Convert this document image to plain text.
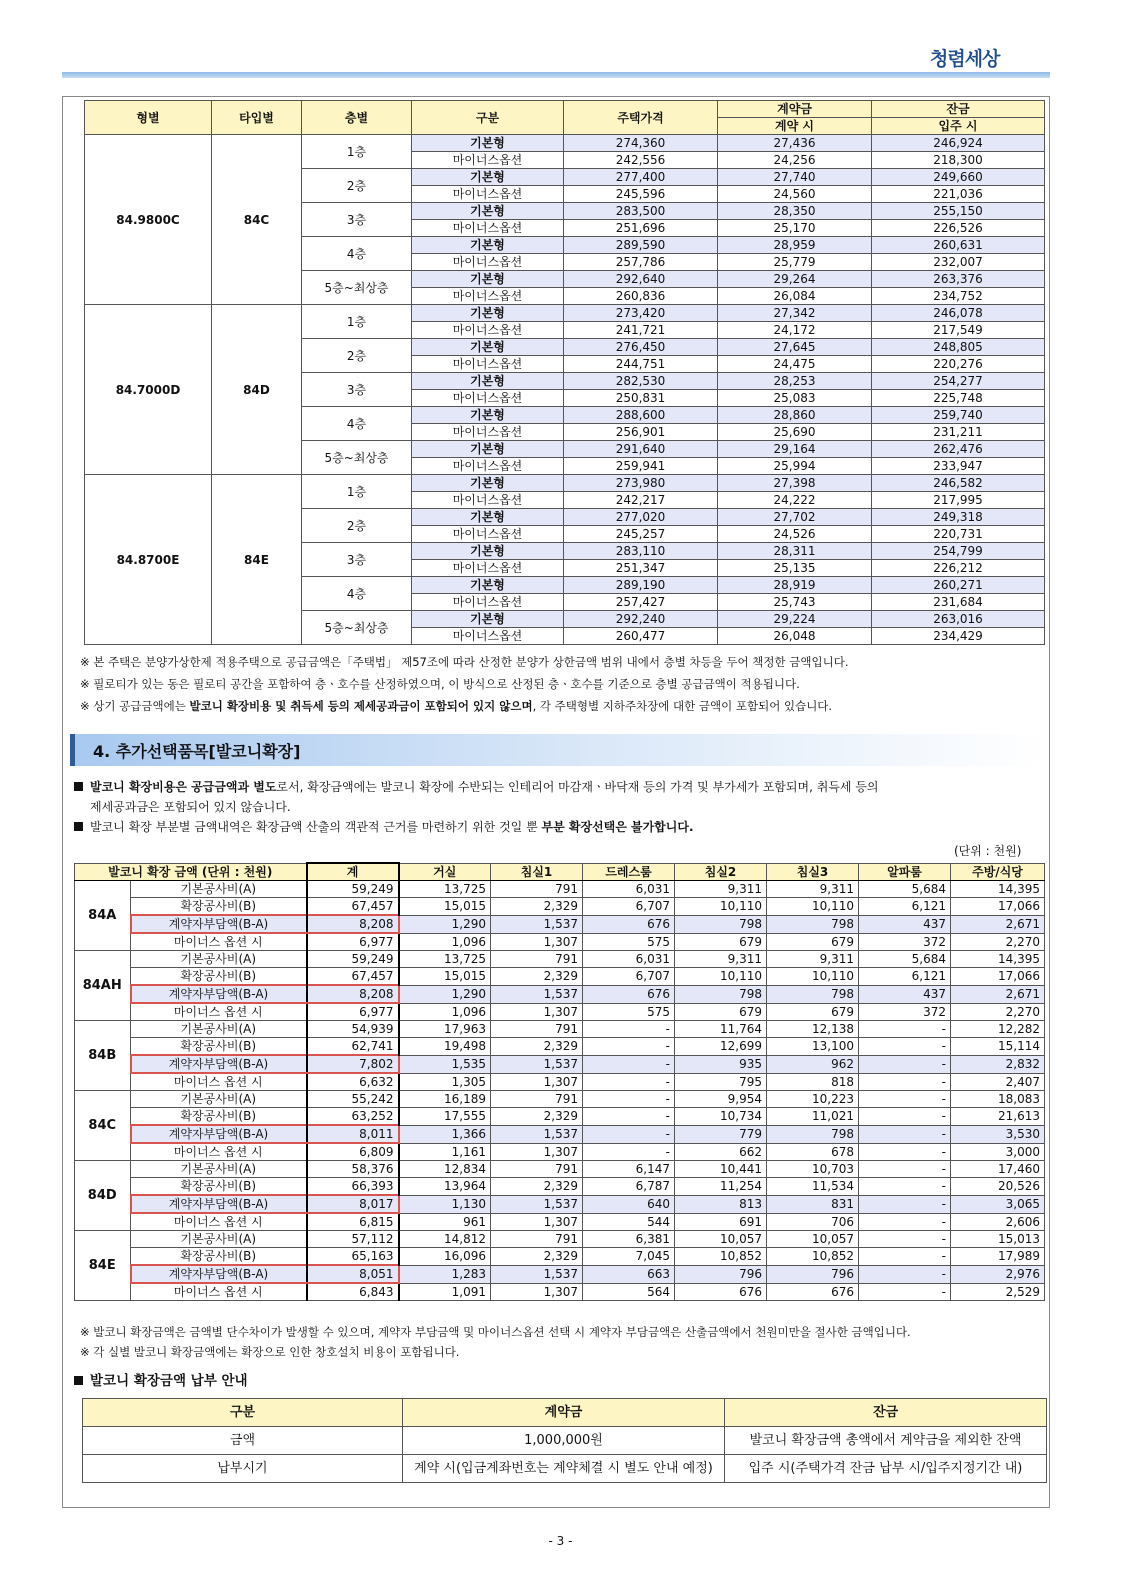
청렴세상
형별	타입별	층별	구분	주택가격	계약금	잔금
					계약 시	입주 시
84.9800C	84C	1층	기본형	274,360	27,436	246,924
			마이너스옵션	242,556	24,256	218,300
		2층	기본형	277,400	27,740	249,660
			마이너스옵션	245,596	24,560	221,036
		3층	기본형	283,500	28,350	255,150
			마이너스옵션	251,696	25,170	226,526
		4층	기본형	289,590	28,959	260,631
			마이너스옵션	257,786	25,779	232,007
		5층~최상층	기본형	292,640	29,264	263,376
			마이너스옵션	260,836	26,084	234,752
84.7000D	84D	1층	기본형	273,420	27,342	246,078
			마이너스옵션	241,721	24,172	217,549
		2층	기본형	276,450	27,645	248,805
			마이너스옵션	244,751	24,475	220,276
		3층	기본형	282,530	28,253	254,277
			마이너스옵션	250,831	25,083	225,748
		4층	기본형	288,600	28,860	259,740
			마이너스옵션	256,901	25,690	231,211
		5층~최상층	기본형	291,640	29,164	262,476
			마이너스옵션	259,941	25,994	233,947
84.8700E	84E	1층	기본형	273,980	27,398	246,582
			마이너스옵션	242,217	24,222	217,995
		2층	기본형	277,020	27,702	249,318
			마이너스옵션	245,257	24,526	220,731
		3층	기본형	283,110	28,311	254,799
			마이너스옵션	251,347	25,135	226,212
		4층	기본형	289,190	28,919	260,271
			마이너스옵션	257,427	25,743	231,684
		5층~최상층	기본형	292,240	29,224	263,016
			마이너스옵션	260,477	26,048	234,429
※ 본 주택은 분양가상한제 적용주택으로 공급금액은「주택법」 제57조에 따라 산정한 분양가 상한금액 범위 내에서 층별 차등을 두어 책정한 금액입니다.
※ 필로티가 있는 동은 필로티 공간을 포함하여 층ㆍ호수를 산정하였으며, 이 방식으로 산정된 층ㆍ호수를 기준으로 층별 공급금액이 적용됩니다.
※ 상기 공급금액에는 발코니 확장비용 및 취득세 등의 제세공과금이 포함되어 있지 않으며, 각 주택형별 지하주차장에 대한 금액이 포함되어 있습니다.
4. 추가선택품목[발코니확장]
발코니 확장비용은 공급금액과 별도로서, 확장금액에는 발코니 확장에 수반되는 인테리어 마감재ㆍ바닥재 등의 가격 및 부가세가 포함되며, 취득세 등의
제세공과금은 포함되어 있지 않습니다.
발코니 확장 부분별 금액내역은 확장금액 산출의 객관적 근거를 마련하기 위한 것일 뿐 부분 확장선택은 불가합니다.
(단위 : 천원)
발코니 확장 금액 (단위 : 천원)		계	거실	침실1	드레스룸	침실2	침실3	알파룸	주방/식당
84A	기본공사비(A)	59,249	13,725	791	6,031	9,311	9,311	5,684	14,395
	확장공사비(B)	67,457	15,015	2,329	6,707	10,110	10,110	6,121	17,066
	계약자부담액(B-A)	8,208	1,290	1,537	676	798	798	437	2,671
	마이너스 옵션 시	6,977	1,096	1,307	575	679	679	372	2,270
84AH	기본공사비(A)	59,249	13,725	791	6,031	9,311	9,311	5,684	14,395
	확장공사비(B)	67,457	15,015	2,329	6,707	10,110	10,110	6,121	17,066
	계약자부담액(B-A)	8,208	1,290	1,537	676	798	798	437	2,671
	마이너스 옵션 시	6,977	1,096	1,307	575	679	679	372	2,270
84B	기본공사비(A)	54,939	17,963	791	-	11,764	12,138	-	12,282
	확장공사비(B)	62,741	19,498	2,329	-	12,699	13,100	-	15,114
	계약자부담액(B-A)	7,802	1,535	1,537	-	935	962	-	2,832
	마이너스 옵션 시	6,632	1,305	1,307	-	795	818	-	2,407
84C	기본공사비(A)	55,242	16,189	791	-	9,954	10,223	-	18,083
	확장공사비(B)	63,252	17,555	2,329	-	10,734	11,021	-	21,613
	계약자부담액(B-A)	8,011	1,366	1,537	-	779	798	-	3,530
	마이너스 옵션 시	6,809	1,161	1,307	-	662	678	-	3,000
84D	기본공사비(A)	58,376	12,834	791	6,147	10,441	10,703	-	17,460
	확장공사비(B)	66,393	13,964	2,329	6,787	11,254	11,534	-	20,526
	계약자부담액(B-A)	8,017	1,130	1,537	640	813	831	-	3,065
	마이너스 옵션 시	6,815	961	1,307	544	691	706	-	2,606
84E	기본공사비(A)	57,112	14,812	791	6,381	10,057	10,057	-	15,013
	확장공사비(B)	65,163	16,096	2,329	7,045	10,852	10,852	-	17,989
	계약자부담액(B-A)	8,051	1,283	1,537	663	796	796	-	2,976
	마이너스 옵션 시	6,843	1,091	1,307	564	676	676	-	2,529
※ 발코니 확장금액은 금액별 단수차이가 발생할 수 있으며, 계약자 부담금액 및 마이너스옵션 선택 시 계약자 부담금액은 산출금액에서 천원미만을 절사한 금액입니다.
※ 각 실별 발코니 확장금액에는 확장으로 인한 창호설치 비용이 포함됩니다.
발코니 확장금액 납부 안내
구분	계약금	잔금
금액	1,000,000원	발코니 확장금액 총액에서 계약금을 제외한 잔액
납부시기	계약 시(입금계좌번호는 계약체결 시 별도 안내 예정)	입주 시(주택가격 잔금 납부 시/입주지정기간 내)
- 3 -
